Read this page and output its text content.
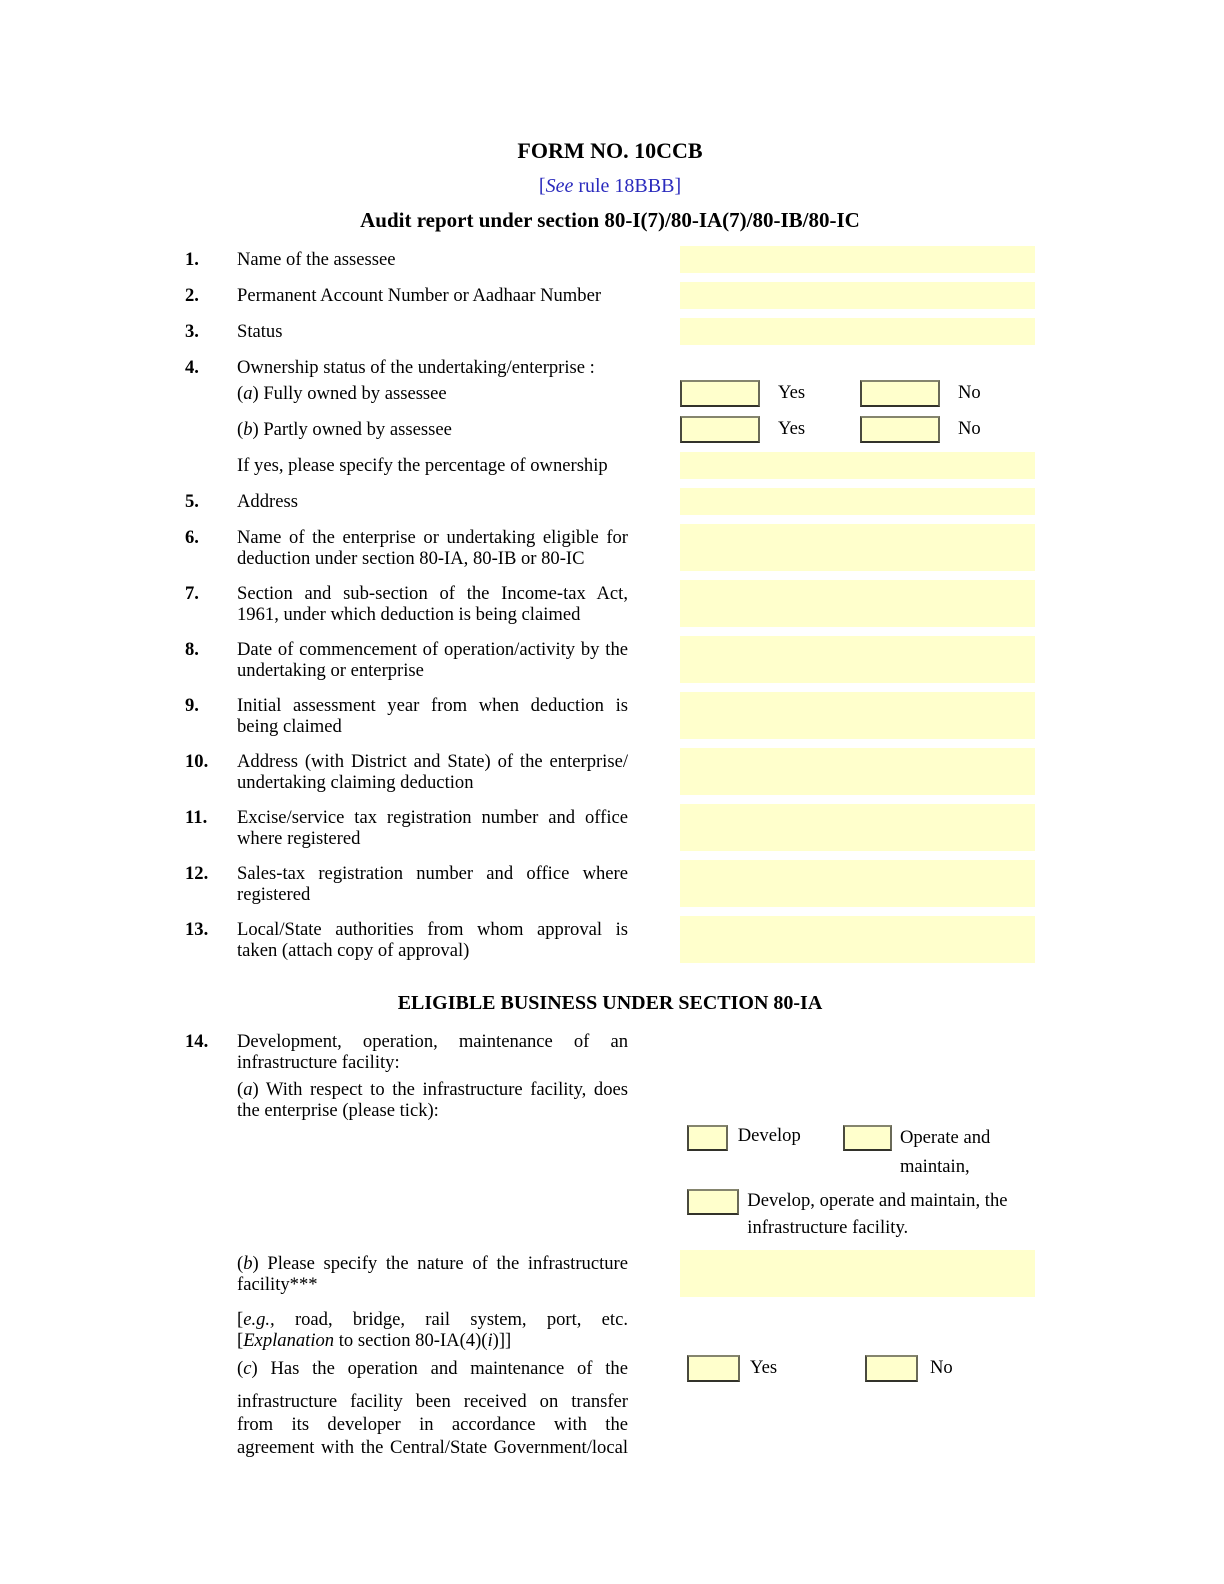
FORM NO. 10CCB
[See rule 18BBB]
Audit report under section 80-I(7)/80-IA(7)/80-IB/80-IC
1.	Name of the assessee
2.	Permanent Account Number or Aadhaar Number
3.	Status
4.	Ownership status of the undertaking/enterprise :
(a) Fully owned by assessee	Yes	No
(b) Partly owned by assessee	Yes	No
If yes, please specify the percentage of ownership
5.	Address
6.	Name of the enterprise or undertaking eligible for deduction under section 80-IA, 80-IB or 80-IC
7.	Section and sub-section of the Income-tax Act, 1961, under which deduction is being claimed
8.	Date of commencement of operation/activity by the undertaking or enterprise
9.	Initial assessment year from when deduction is being claimed
10.	Address (with District and State) of the enterprise/ undertaking claiming deduction
11.	Excise/service tax registration number and office where registered
12.	Sales-tax registration number and office where registered
13.	Local/State authorities from whom approval is taken (attach copy of approval)
ELIGIBLE BUSINESS UNDER SECTION 80-IA
14.	Development, operation, maintenance of an infrastructure facility:
(a) With respect to the infrastructure facility, does the enterprise (please tick):
Develop	Operate and maintain,
Develop, operate and maintain, the infrastructure facility.
(b) Please specify the nature of the infrastructure facility***
[e.g., road, bridge, rail system, port, etc. [Explanation to section 80-IA(4)(i)]]
(c) Has the operation and maintenance of the
infrastructure facility been received on transfer
from its developer in accordance with the
agreement with the Central/State Government/local
Yes	No
